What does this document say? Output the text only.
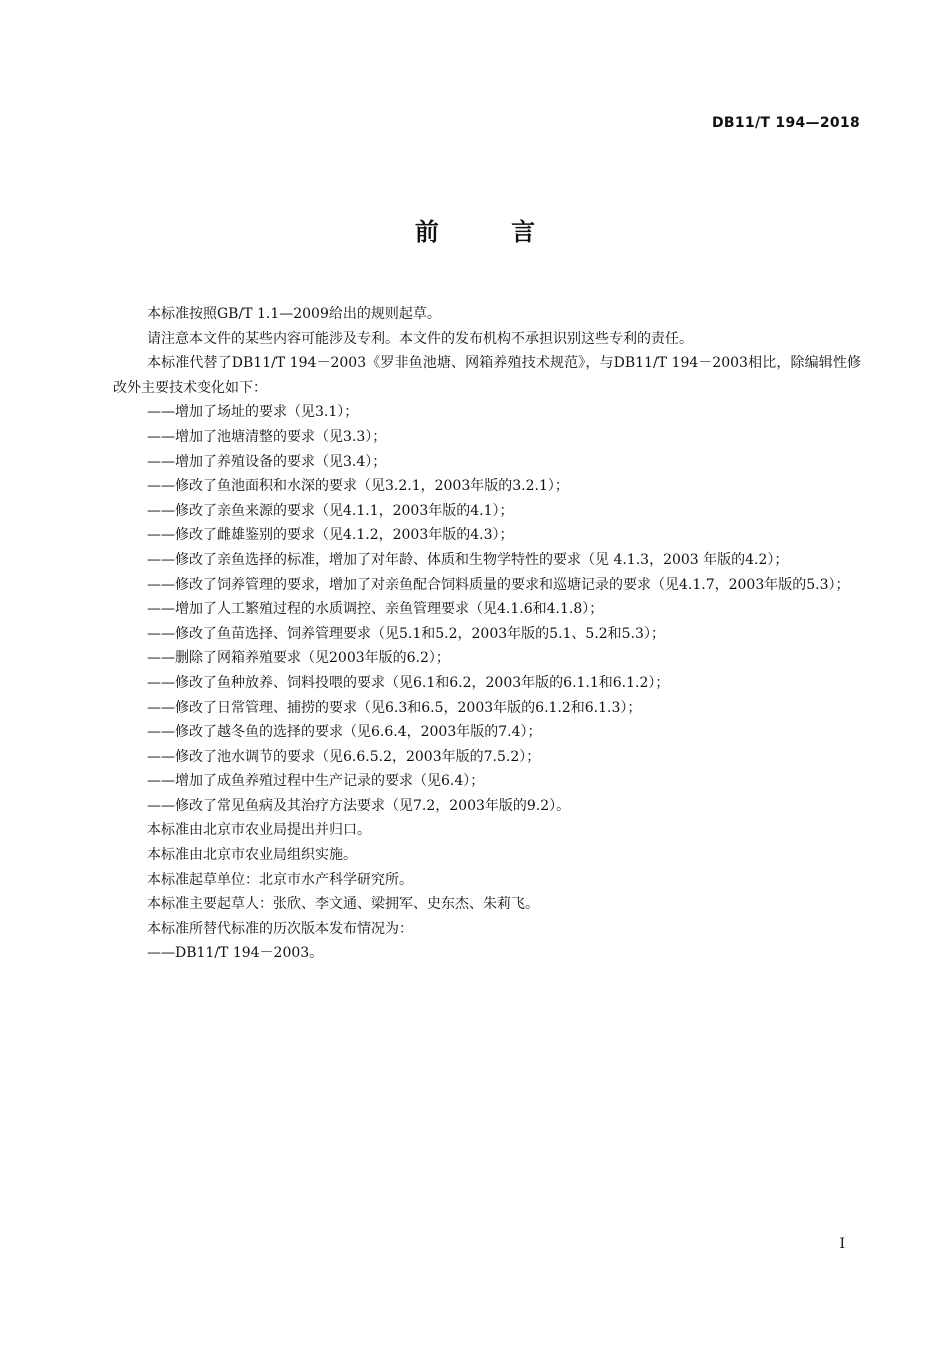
DB11/T 194—2018
前 言

本标准按照GB/T 1.1—2009给出的规则起草。

请注意本文件的某些内容可能涉及专利。本文件的发布机构不承担识别这些专利的责任。

本标准代替了DB11/T 194－2003《罗非鱼池塘、网箱养殖技术规范》，与DB11/T 194－2003相比，除编辑性修改外主要技术变化如下：

——增加了场址的要求（见3.1）；

——增加了池塘清整的要求（见3.3）；

——增加了养殖设备的要求（见3.4）；

——修改了鱼池面积和水深的要求（见3.2.1，2003年版的3.2.1）；

——修改了亲鱼来源的要求（见4.1.1，2003年版的4.1）；

——修改了雌雄鉴别的要求（见4.1.2，2003年版的4.3）；

——修改了亲鱼选择的标准，增加了对年龄、体质和生物学特性的要求（见 4.1.3，2003 年版的4.2）；

——修改了饲养管理的要求，增加了对亲鱼配合饲料质量的要求和巡塘记录的要求（见4.1.7，2003年版的5.3）；

——增加了人工繁殖过程的水质调控、亲鱼管理要求（见4.1.6和4.1.8）；

——修改了鱼苗选择、饲养管理要求（见5.1和5.2，2003年版的5.1、5.2和5.3）；

——删除了网箱养殖要求（见2003年版的6.2）；

——修改了鱼种放养、饲料投喂的要求（见6.1和6.2，2003年版的6.1.1和6.1.2）；

——修改了日常管理、捕捞的要求（见6.3和6.5，2003年版的6.1.2和6.1.3）；

——修改了越冬鱼的选择的要求（见6.6.4，2003年版的7.4）；

——修改了池水调节的要求（见6.6.5.2，2003年版的7.5.2）；

——增加了成鱼养殖过程中生产记录的要求（见6.4）；

——修改了常见鱼病及其治疗方法要求（见7.2，2003年版的9.2）。

本标准由北京市农业局提出并归口。

本标准由北京市农业局组织实施。

本标准起草单位：北京市水产科学研究所。

本标准主要起草人：张欣、李文通、梁拥军、史东杰、朱莉飞。

本标准所替代标准的历次版本发布情况为：

——DB11/T 194－2003。

I
